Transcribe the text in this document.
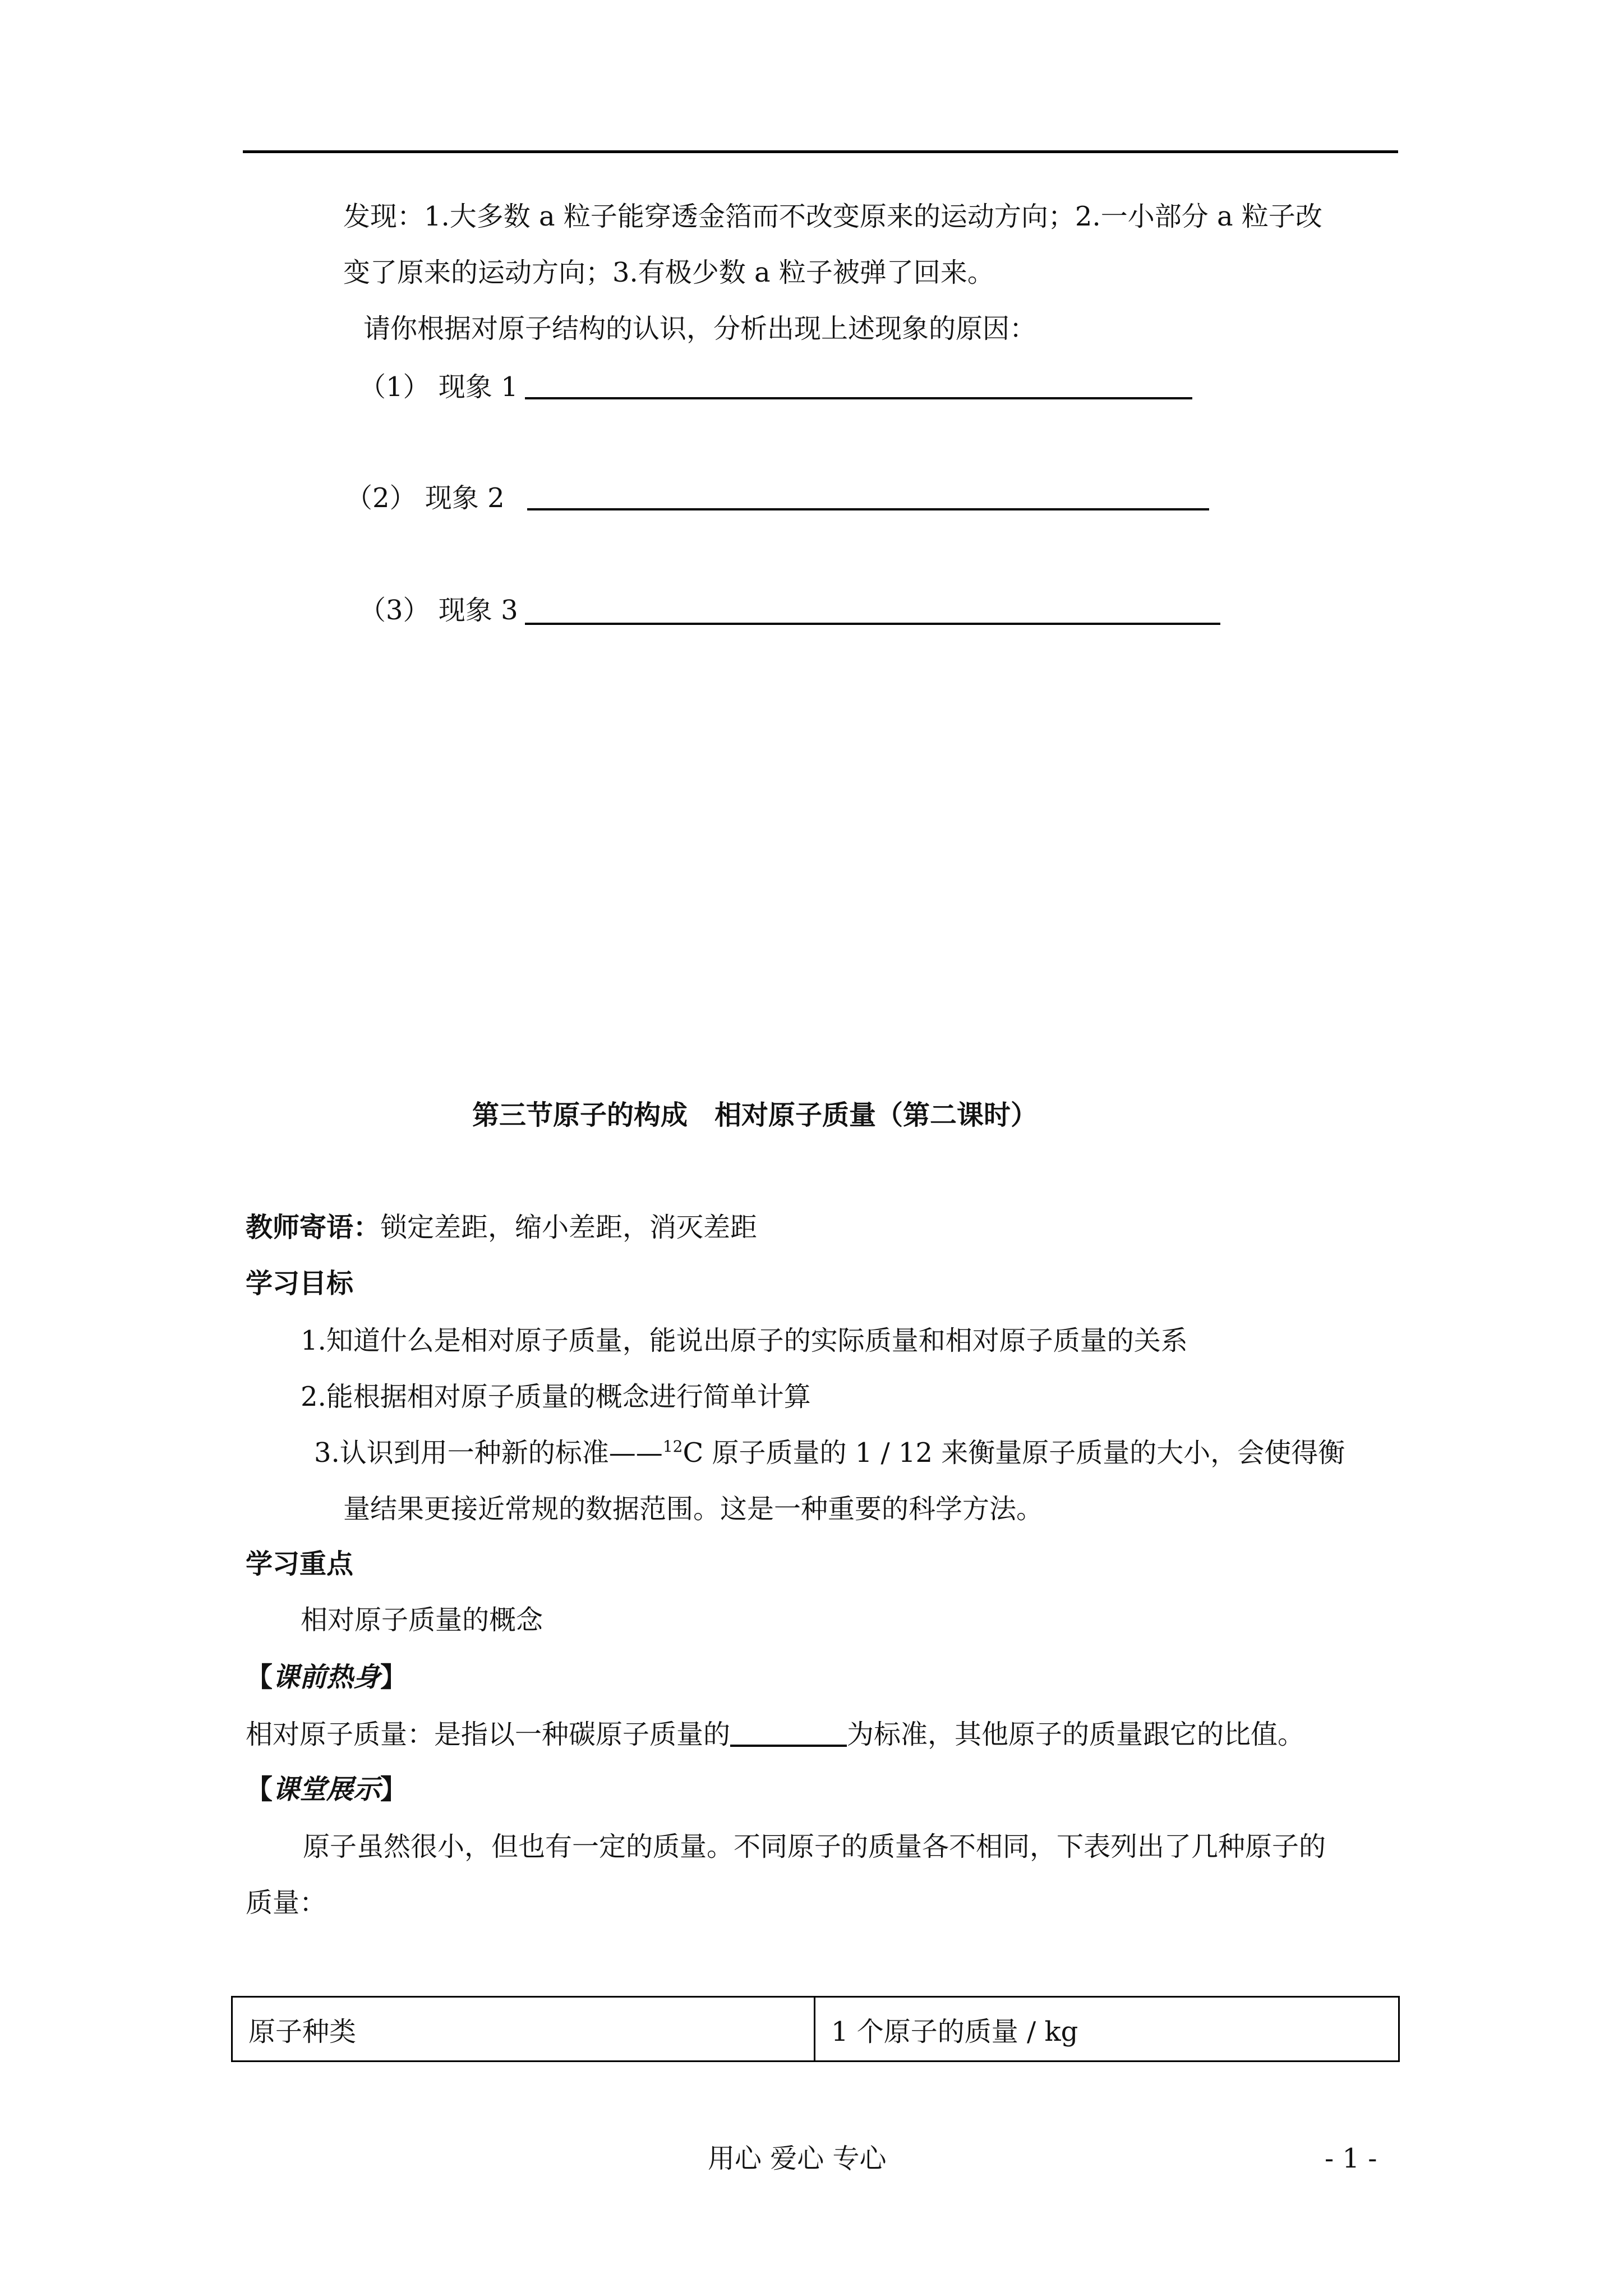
发现：1.大多数 a 粒子能穿透金箔而不改变原来的运动方向；2.一小部分 a 粒子改
变了原来的运动方向；3.有极少数 a 粒子被弹了回来。
请你根据对原子结构的认识，分析出现上述现象的原因：
（1） 现象 1
（2） 现象 2
（3） 现象 3
第三节原子的构成　相对原子质量（第二课时）
教师寄语：锁定差距，缩小差距，消灭差距
学习目标
1.知道什么是相对原子质量，能说出原子的实际质量和相对原子质量的关系
2.能根据相对原子质量的概念进行简单计算
3.认识到用一种新的标准——$^{12}$C 原子质量的 1 / 12 来衡量原子质量的大小，会使得衡
量结果更接近常规的数据范围。这是一种重要的科学方法。
学习重点
相对原子质量的概念
【课前热身】
相对原子质量：是指以一种碳原子质量的	为标准，其他原子的质量跟它的比值。
【课堂展示】
原子虽然很小，但也有一定的质量。不同原子的质量各不相同，下表列出了几种原子的
质量：
原子种类	1 个原子的质量 / kg
用心 爱心 专心	- 1 -
